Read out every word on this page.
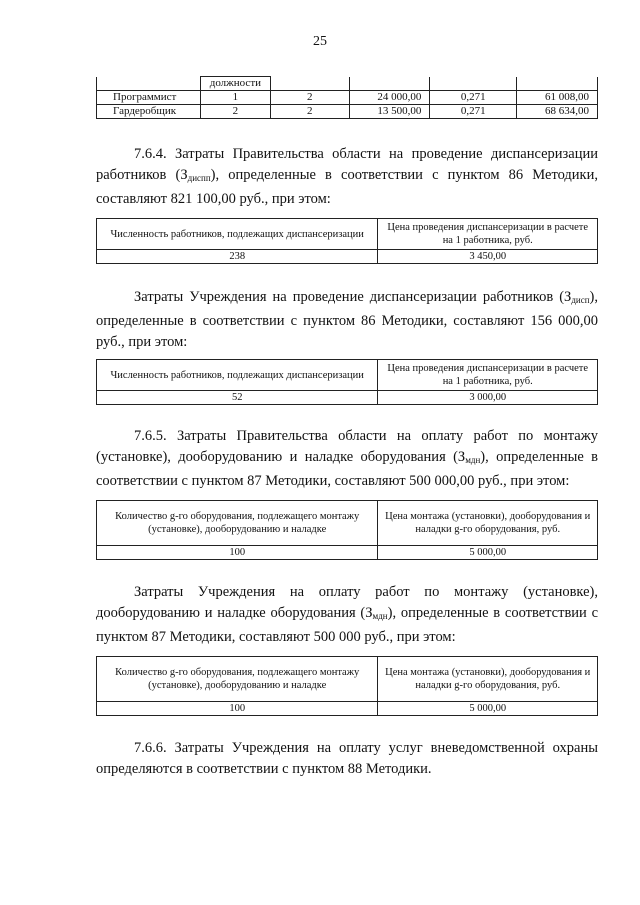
25
	должности				
Программист	1	2	24 000,00	0,271	61 008,00
Гардеробщик	2	2	13 500,00	0,271	68 634,00
7.6.4. Затраты Правительства области на проведение диспансеризации работников $(З_{диспп})$, определенные в соответствии с пунктом 86 Методики, составляют 821 100,00 руб., при этом:
Численность работников, подлежащих диспансеризации	Цена проведения диспансеризации в расчете на 1 работника, руб.
238	3 450,00
Затраты Учреждения на проведение диспансеризации работников $(З_{дисп})$, определенные в соответствии с пунктом 86 Методики, составляют 156 000,00 руб., при этом:
Численность работников, подлежащих диспансеризации	Цена проведения диспансеризации в расчете на 1 работника, руб.
52	3 000,00
7.6.5. Затраты Правительства области на оплату работ по монтажу (установке), дооборудованию и наладке оборудования $(З_{мдн})$, определенные в соответствии с пунктом 87 Методики, составляют 500 000,00 руб., при этом:
Количество g-го оборудования, подлежащего монтажу (установке), дооборудованию и наладке	Цена монтажа (установки), дооборудования и наладки g-го оборудования, руб.
100	5 000,00
Затраты Учреждения на оплату работ по монтажу (установке), дооборудованию и наладке оборудования $(З_{мдн})$, определенные в соответствии с пунктом 87 Методики, составляют 500 000 руб., при этом:
Количество g-го оборудования, подлежащего монтажу (установке), дооборудованию и наладке	Цена монтажа (установки), дооборудования и наладки g-го оборудования, руб.
100	5 000,00
7.6.6. Затраты Учреждения на оплату услуг вневедомственной охраны определяются в соответствии с пунктом 88 Методики.
